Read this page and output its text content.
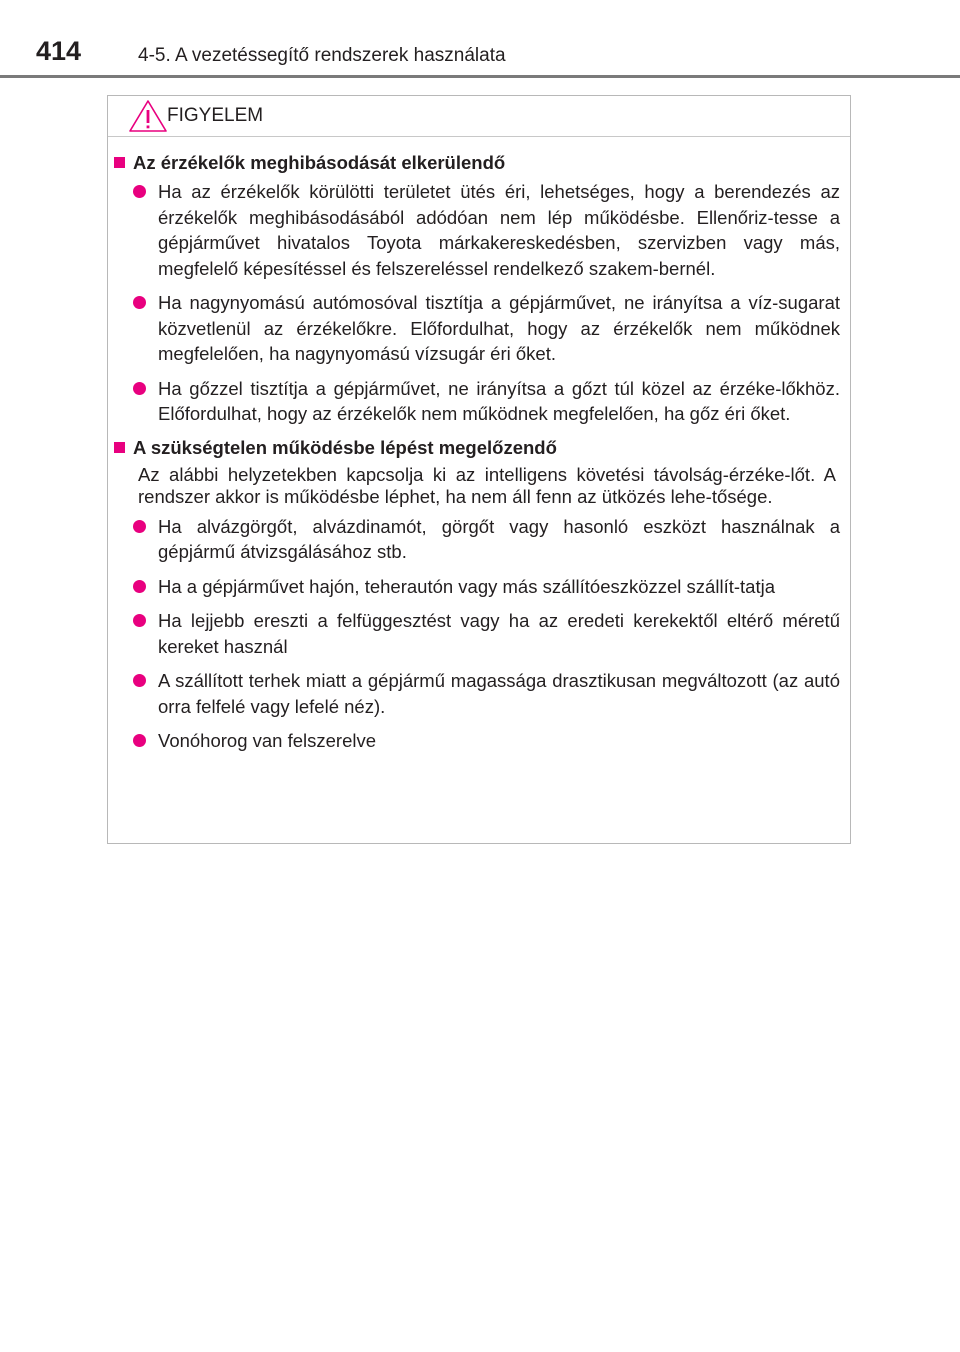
414	4-5. A vezetéssegítő rendszerek használata
FIGYELEM
Az érzékelők meghibásodását elkerülendő
Ha az érzékelők körülötti területet ütés éri, lehetséges, hogy a berendezés az érzékelők meghibásodásából adódóan nem lép működésbe. Ellenőriz-tesse a gépjárművet hivatalos Toyota márkakereskedésben, szervizben vagy más, megfelelő képesítéssel és felszereléssel rendelkező szakem-bernél.
Ha nagynyomású autómosóval tisztítja a gépjárművet, ne irányítsa a víz-sugarat közvetlenül az érzékelőkre. Előfordulhat, hogy az érzékelők nem működnek megfelelően, ha nagynyomású vízsugár éri őket.
Ha gőzzel tisztítja a gépjárművet, ne irányítsa a gőzt túl közel az érzéke-lőkhöz. Előfordulhat, hogy az érzékelők nem működnek megfelelően, ha gőz éri őket.
A szükségtelen működésbe lépést megelőzendő
Az alábbi helyzetekben kapcsolja ki az intelligens követési távolság-érzéke-lőt. A rendszer akkor is működésbe léphet, ha nem áll fenn az ütközés lehe-tősége.
Ha alvázgörgőt, alvázdinamót, görgőt vagy hasonló eszközt használnak a gépjármű átvizsgálásához stb.
Ha a gépjárművet hajón, teherautón vagy más szállítóeszközzel szállít-tatja
Ha lejjebb ereszti a felfüggesztést vagy ha az eredeti kerekektől eltérő méretű kereket használ
A szállított terhek miatt a gépjármű magassága drasztikusan megváltozott (az autó orra felfelé vagy lefelé néz).
Vonóhorog van felszerelve
